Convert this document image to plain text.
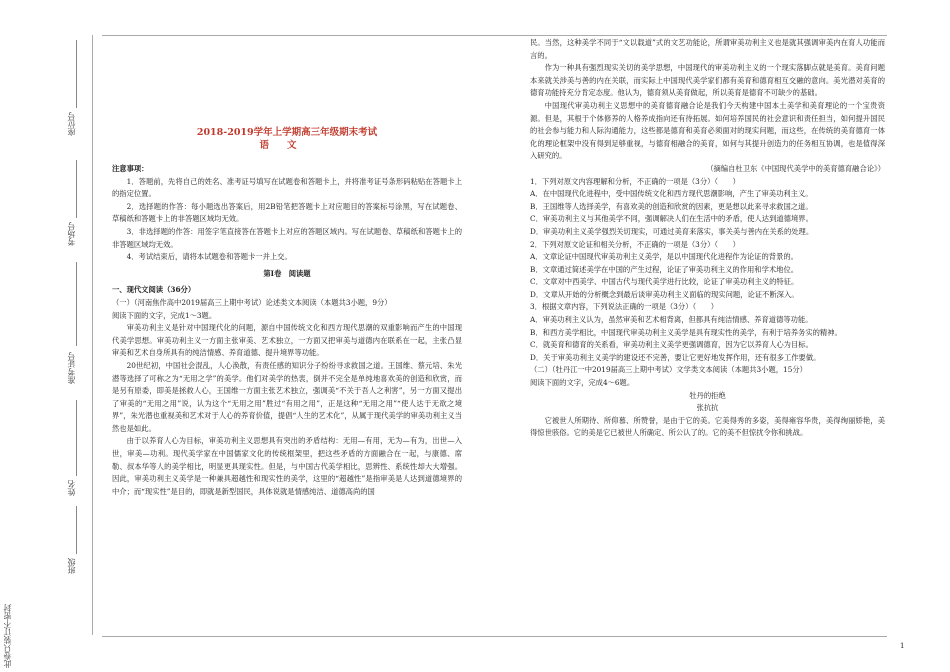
座位号
考场号
准考证号
姓名
班级
此卷只装订不密封

2018-2019学年上学期高三年级期末考试

语文

注意事项：

1．答题前，先将自己的姓名、准考证号填写在试题卷和答题卡上，并将准考证号条形码粘贴在答题卡上的指定位置。

2．选择题的作答：每小题选出答案后，用2B铅笔把答题卡上对应题目的答案标号涂黑，写在试题卷、草稿纸和答题卡上的非答题区域均无效。

3．非选择题的作答：用签字笔直接答在答题卡上对应的答题区域内。写在试题卷、草稿纸和答题卡上的非答题区域均无效。

4．考试结束后，请将本试题卷和答题卡一并上交。

第Ⅰ卷　阅读题

一、现代文阅读（36分）

（一）（河南焦作高中2019届高三上期中考试）论述类文本阅读（本题共3小题，9分）

阅读下面的文字，完成1～3题。

审美功利主义是针对中国现代化的问题，源自中国传统文化和西方现代思潮的双重影响而产生的中国现代美学思想。审美功利主义一方面主张审美、艺术独立，一方面又把审美与道德内在联系在一起，主张凸显审美和艺术自身所具有的纯洁情感、养育道德、提升境界等功能。

20世纪初，中国社会混乱，人心涣散，有责任感的知识分子纷纷寻求救国之道。王国维、蔡元培、朱光潜等选择了可称之为“无用之学”的美学。他们对美学的热衷，倒并不完全是单纯地喜欢美的创造和欣赏，而是另有原委，即美是拯救人心，王国维一方面主张艺术独立，强调美“不关于吾人之利害”，另一方面又提出了审美的“无用之用”说，认为这个“无用之用”胜过“有用之用”，正是这种“无用之用”“使人达于无欲之境界”，朱光潜也重视美和艺术对于人心的养育价值，提倡“人生的艺术化”，从属于现代美学的审美功利主义当然也是如此。

由于以养育人心为目标，审美功利主义思想具有突出的矛盾结构：无用—有用，无为—有为，出世—入世，审美—功利。现代美学家在中国儒家文化的传统框架里，把这些矛盾的方面融合在一起，与康德、席勒、叔本华等人的美学相比，明显更具现实性。但是，与中国古代美学相比，思辨性、系统性却大大增强。因此，审美功利主义美学是一种兼具超越性和现实性的美学，这里的“超越性”是指审美是人达到道德境界的中介；而“现实性”是目的，即就是新型国民，具体说就是情感纯洁、道德高尚的国

民。当然，这种美学不同于“文以载道”式的文艺功能论，所谓审美功利主义也是就其强调审美内在育人功能而言的。

作为一种具有强烈现实关切的美学思想，中国现代的审美功利主义的一个现实落脚点就是美育。美育问题本来就关涉美与善的内在关联，而实际上中国现代美学家们都有美育和德育相互交融的意向。美光潜对美育的德育功能持充分肯定态度。他认为，德育须从美育做起，所以美育是德育不可缺少的基础。

中国现代审美功利主义思想中的美育德育融合论是我们今天构建中国本土美学和美育理论的一个宝贵资源。但是，其根于个体修养的人格养成指向还有待拓展。如何培养国民的社会意识和责任担当，如何提升国民的社会参与能力和人际沟通能力，这些都是德育和美育必须面对的现实问题，而这些，在传统的美育德育一体化的理论框架中没有得到足够重视，与德育相融合的美育，如何与其提升创造力的任务相互协调，也是值得深入研究的。

（摘编自杜卫东《中国现代美学中的美育德育融合论》）

1．下列对原文内容理解和分析，不正确的一项是（3分）（　　）

A．在中国现代化进程中，受中国传统文化和西方现代思潮影响，产生了审美功利主义。

B．王国维等人选择美学，有喜欢美的创造和欣赏的因素，更是想以此来寻求救国之道。

C．审美功利主义与其他美学不同，强调解决人们在生活中的矛盾，使人达到道德境界。

D．审美功利主义美学强烈关切现实，可通过美育来落实，事关美与善内在关系的处理。

2．下列对原文论证和相关分析，不正确的一项是（3分）（　　）

A．文章论证中国现代审美功利主义美学，是以中国现代化进程作为论证的背景的。

B．文章通过简述美学在中国的产生过程，论证了审美功利主义的作用和学术地位。

C．文章对中西美学、中国古代与现代美学进行比较，论证了审美功利主义的特征。

D．文章从开始的分析概念到最后谈审美功利主义面临的现实问题，论证不断深入。

3．根据文章内容，下列说法正确的一项是（3分）（　　）

A．审美功利主义认为，虽然审美和艺术相背离，但都具有纯洁情感、养育道德等功能。

B．和西方美学相比，中国现代审美功利主义美学是具有现实性的美学，有利于培养务实的精神。

C．就美育和德育的关系看，审美功利主义美学更强调德育，因为它以养育人心为目标。

D．关于审美功利主义美学的建设还不完善，要让它更好地发挥作用，还有很多工作要做。

（二）（牡丹江一中2019届高三上期中考试）文学类文本阅读（本题共3小题，15分）

阅读下面的文字，完成4～6题。

牡丹的拒绝

张抗抗

它被世人所期待、所仰慕、所赞誉，是由于它的美。它美得秀的多姿，美得雍容华贵，美得绚丽娇艳，美得惊世骇俗。它的美是它已被世人所确定、所公认了的。它的美不但惊扰令你和挑战。

1
